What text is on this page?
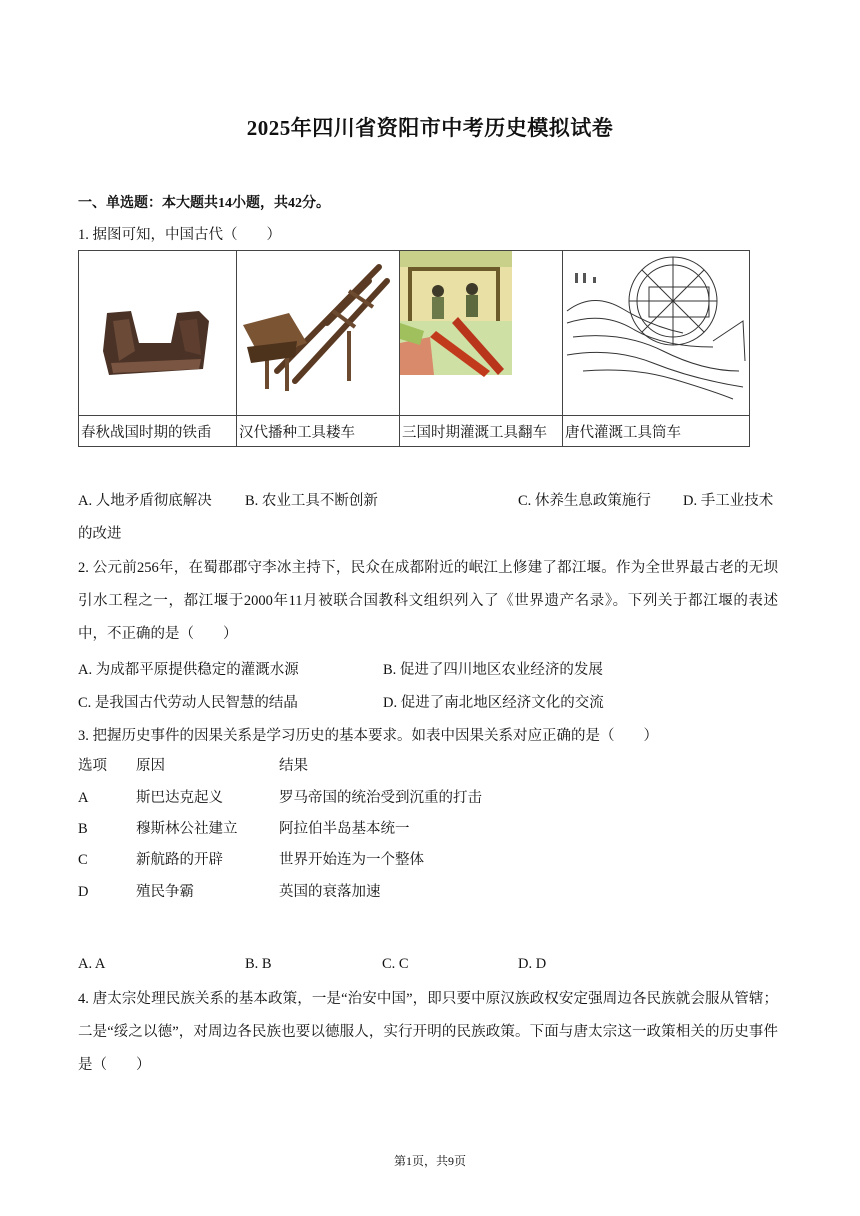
2025年四川省资阳市中考历史模拟试卷
一、单选题：本大题共14小题，共42分。
1. 据图可知，中国古代（　　）

春秋战国时期的铁臿	汉代播种工具耧车	三国时期灌溉工具翻车	唐代灌溉工具筒车
A. 人地矛盾彻底解决 B. 农业工具不断创新	C. 休养生息政策施行 D. 手工业技术
的改进
2. 公元前256年，在蜀郡郡守李冰主持下，民众在成都附近的岷江上修建了都江堰。作为全世界最古老的无坝引水工程之一，都江堰于2000年11月被联合国教科文组织列入了《世界遗产名录》。下列关于都江堰的表述中，不正确的是（　　）
A. 为成都平原提供稳定的灌溉水源	B. 促进了四川地区农业经济的发展
C. 是我国古代劳动人民智慧的结晶	D. 促进了南北地区经济文化的交流
3. 把握历史事件的因果关系是学习历史的基本要求。如表中因果关系对应正确的是（　　）
选项 原因	结果
A	斯巴达克起义	罗马帝国的统治受到沉重的打击
B	穆斯林公社建立	阿拉伯半岛基本统一
C	新航路的开辟	世界开始连为一个整体
D	殖民争霸	英国的衰落加速
A. A	B. B	C. C	D. D
4. 唐太宗处理民族关系的基本政策，一是“治安中国”，即只要中原汉族政权安定强周边各民族就会服从管辖；二是“绥之以德”，对周边各民族也要以德服人，实行开明的民族政策。下面与唐太宗这一政策相关的历史事件是（　　）
第1页，共9页
